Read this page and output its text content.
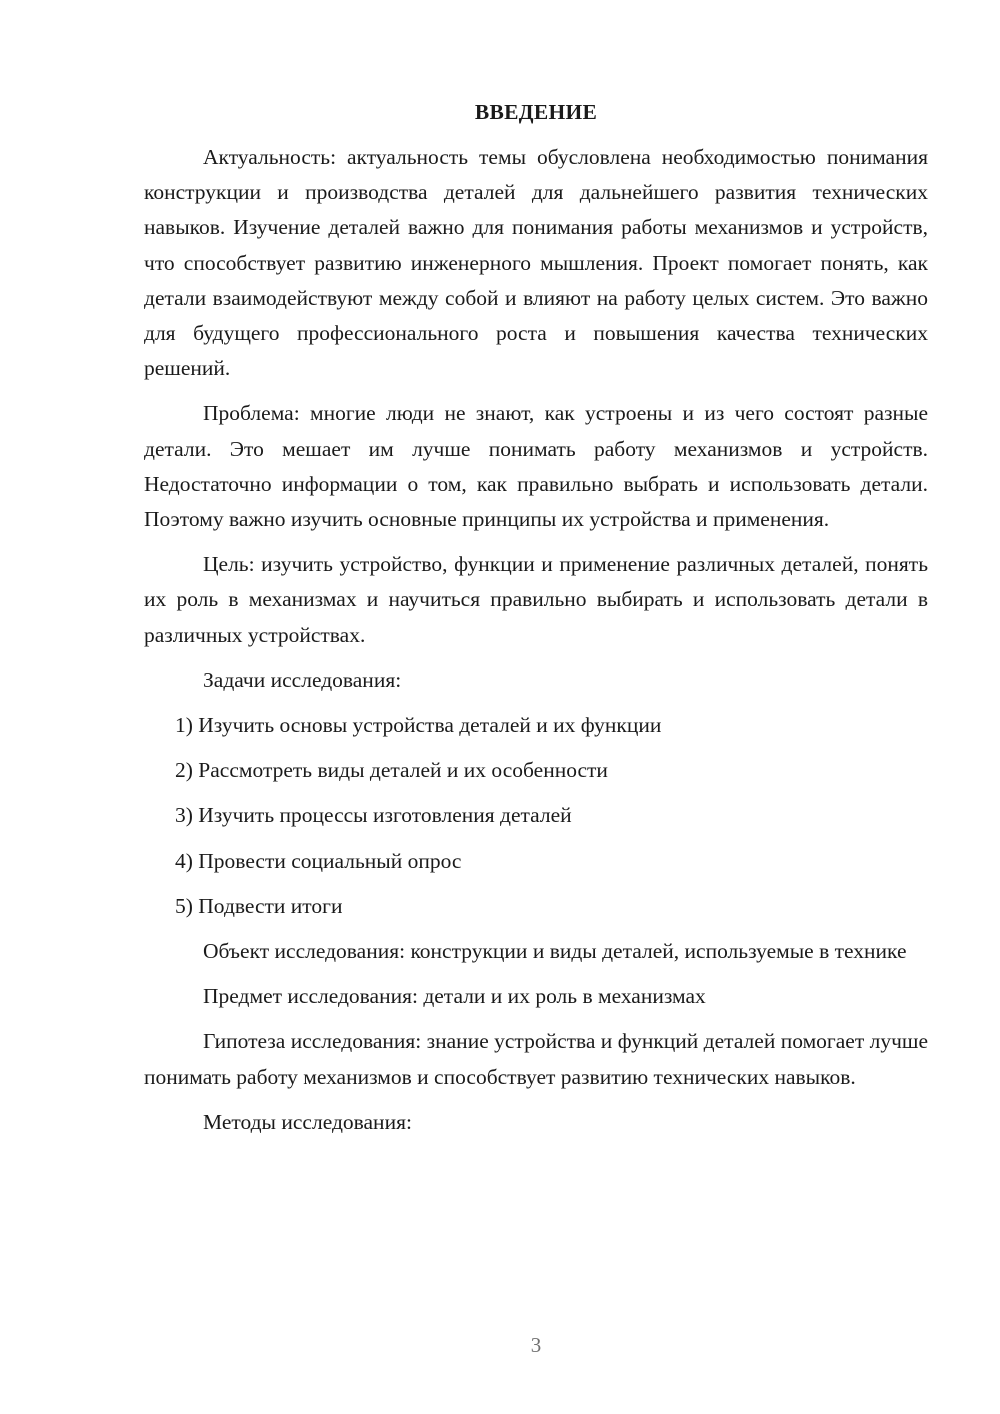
ВВЕДЕНИЕ

Актуальность: актуальность темы обусловлена необходимостью понимания конструкции и производства деталей для дальнейшего развития технических навыков. Изучение деталей важно для понимания работы механизмов и устройств, что способствует развитию инженерного мышления. Проект помогает понять, как детали взаимодействуют между собой и влияют на работу целых систем. Это важно для будущего профессионального роста и повышения качества технических решений.

Проблема: многие люди не знают, как устроены и из чего состоят разные детали. Это мешает им лучше понимать работу механизмов и устройств. Недостаточно информации о том, как правильно выбрать и использовать детали. Поэтому важно изучить основные принципы их устройства и применения.

Цель: изучить устройство, функции и применение различных деталей, понять их роль в механизмах и научиться правильно выбирать и использовать детали в различных устройствах.

Задачи исследования:

1) Изучить основы устройства деталей и их функции
2) Рассмотреть виды деталей и их особенности
3) Изучить процессы изготовления деталей
4) Провести социальный опрос
5) Подвести итоги

Объект исследования: конструкции и виды деталей, используемые в технике

Предмет исследования: детали и их роль в механизмах

Гипотеза исследования: знание устройства и функций деталей помогает лучше понимать работу механизмов и способствует развитию технических навыков.

Методы исследования:

3
